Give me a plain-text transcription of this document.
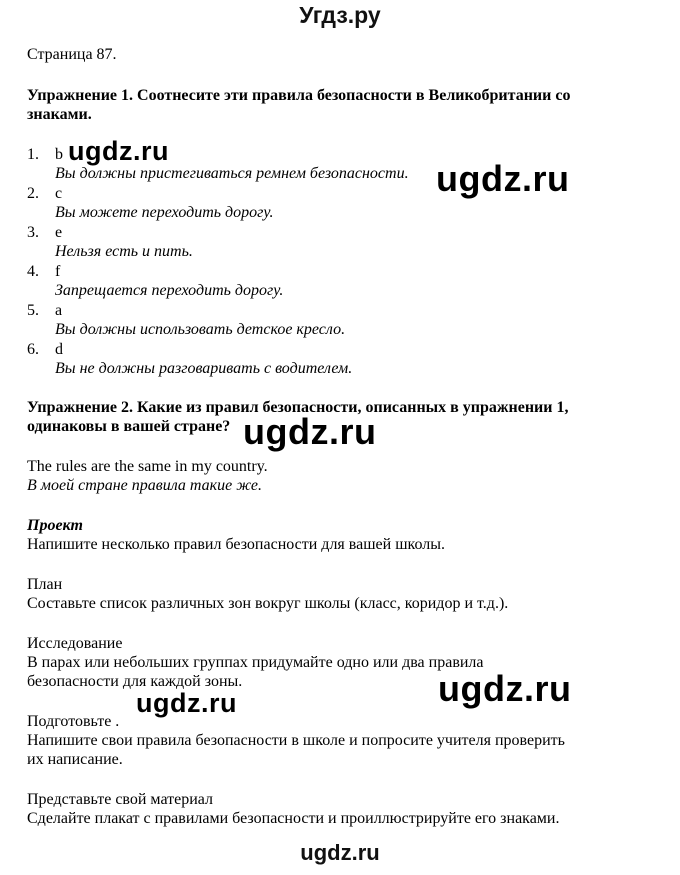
Угдз.ру
Страница 87.
Упражнение 1. Соотнесите эти правила безопасности в Великобритании со
знаками.
1. b
Вы должны пристегиваться ремнем безопасности.
2. c
Вы можете переходить дорогу.
3. e
Нельзя есть и пить.
4. f
Запрещается переходить дорогу.
5. a
Вы должны использовать детское кресло.
6. d
Вы не должны разговаривать с водителем.
Упражнение 2. Какие из правил безопасности, описанных в упражнении 1,
одинаковы в вашей стране?
The rules are the same in my country.
В моей стране правила такие же.
Проект
Напишите несколько правил безопасности для вашей школы.
План
Составьте список различных зон вокруг школы (класс, коридор и т.д.).
Исследование
В парах или небольших группах придумайте одно или два правила
безопасности для каждой зоны.
Подготовьте .
Напишите свои правила безопасности в школе и попросите учителя проверить
их написание.
Представьте свой материал
Сделайте плакат с правилами безопасности и проиллюстрируйте его знаками.
ugdz.ru
ugdz.ru
ugdz.ru
ugdz.ru
ugdz.ru
ugdz.ru
